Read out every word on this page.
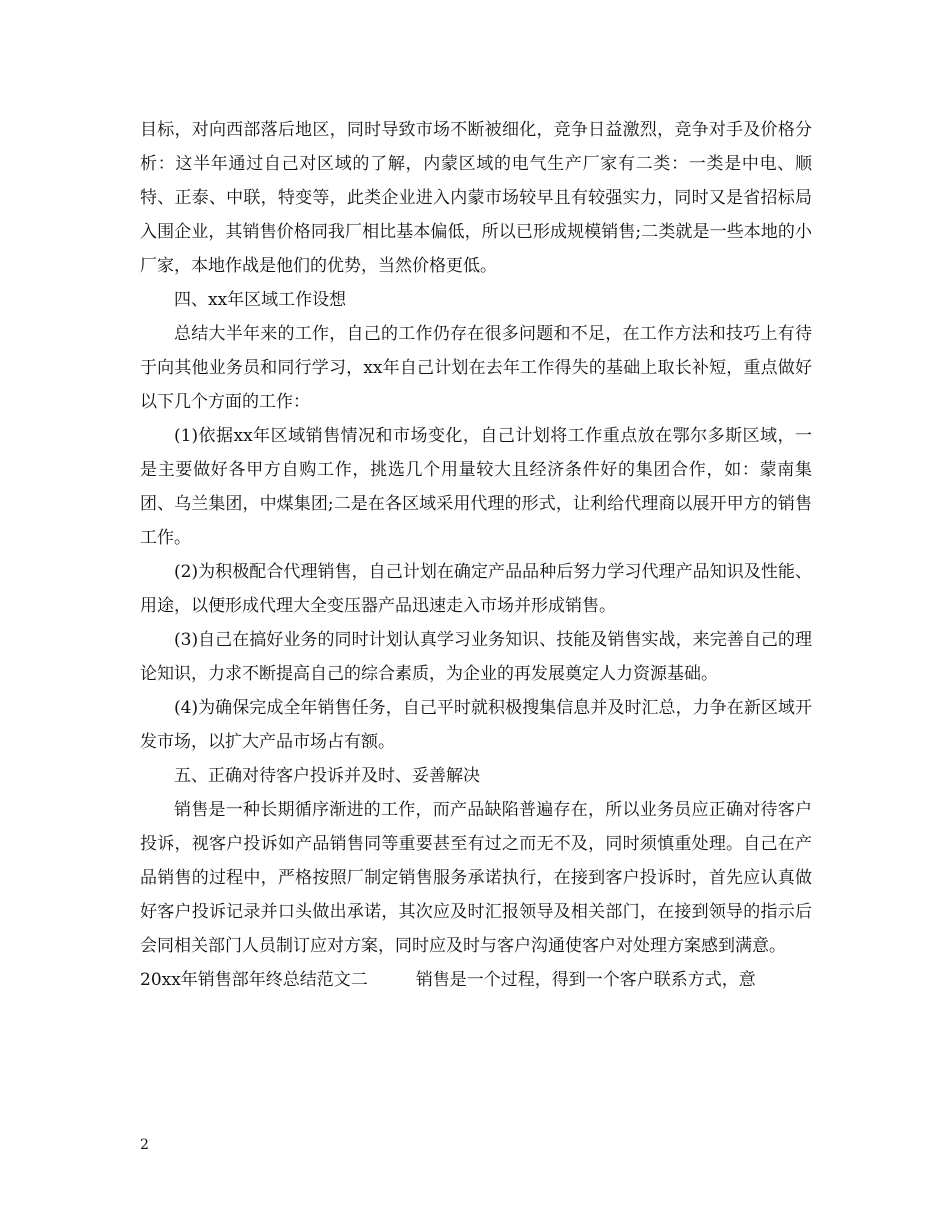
目标，对向西部落后地区，同时导致市场不断被细化，竞争日益激烈，竞争对手及价格分析：这半年通过自己对区域的了解，内蒙区域的电气生产厂家有二类：一类是中电、顺特、正泰、中联，特变等，此类企业进入内蒙市场较早且有较强实力，同时又是省招标局入围企业，其销售价格同我厂相比基本偏低，所以已形成规模销售;二类就是一些本地的小厂家，本地作战是他们的优势，当然价格更低。

四、xx年区域工作设想

总结大半年来的工作，自己的工作仍存在很多问题和不足，在工作方法和技巧上有待于向其他业务员和同行学习，xx年自己计划在去年工作得失的基础上取长补短，重点做好以下几个方面的工作：

(1)依据xx年区域销售情况和市场变化，自己计划将工作重点放在鄂尔多斯区域，一是主要做好各甲方自购工作，挑选几个用量较大且经济条件好的集团合作，如：蒙南集团、乌兰集团，中煤集团;二是在各区域采用代理的形式，让利给代理商以展开甲方的销售工作。

(2)为积极配合代理销售，自己计划在确定产品品种后努力学习代理产品知识及性能、用途，以便形成代理大全变压器产品迅速走入市场并形成销售。

(3)自己在搞好业务的同时计划认真学习业务知识、技能及销售实战，来完善自己的理论知识，力求不断提高自己的综合素质，为企业的再发展奠定人力资源基础。

(4)为确保完成全年销售任务，自己平时就积极搜集信息并及时汇总，力争在新区域开发市场，以扩大产品市场占有额。

五、正确对待客户投诉并及时、妥善解决

销售是一种长期循序渐进的工作，而产品缺陷普遍存在，所以业务员应正确对待客户投诉，视客户投诉如产品销售同等重要甚至有过之而无不及，同时须慎重处理。自己在产品销售的过程中，严格按照厂制定销售服务承诺执行，在接到客户投诉时，首先应认真做好客户投诉记录并口头做出承诺，其次应及时汇报领导及相关部门，在接到领导的指示后会同相关部门人员制订应对方案，同时应及时与客户沟通使客户对处理方案感到满意。

20xx年销售部年终总结范文二	销售是一个过程，得到一个客户联系方式，意

2
